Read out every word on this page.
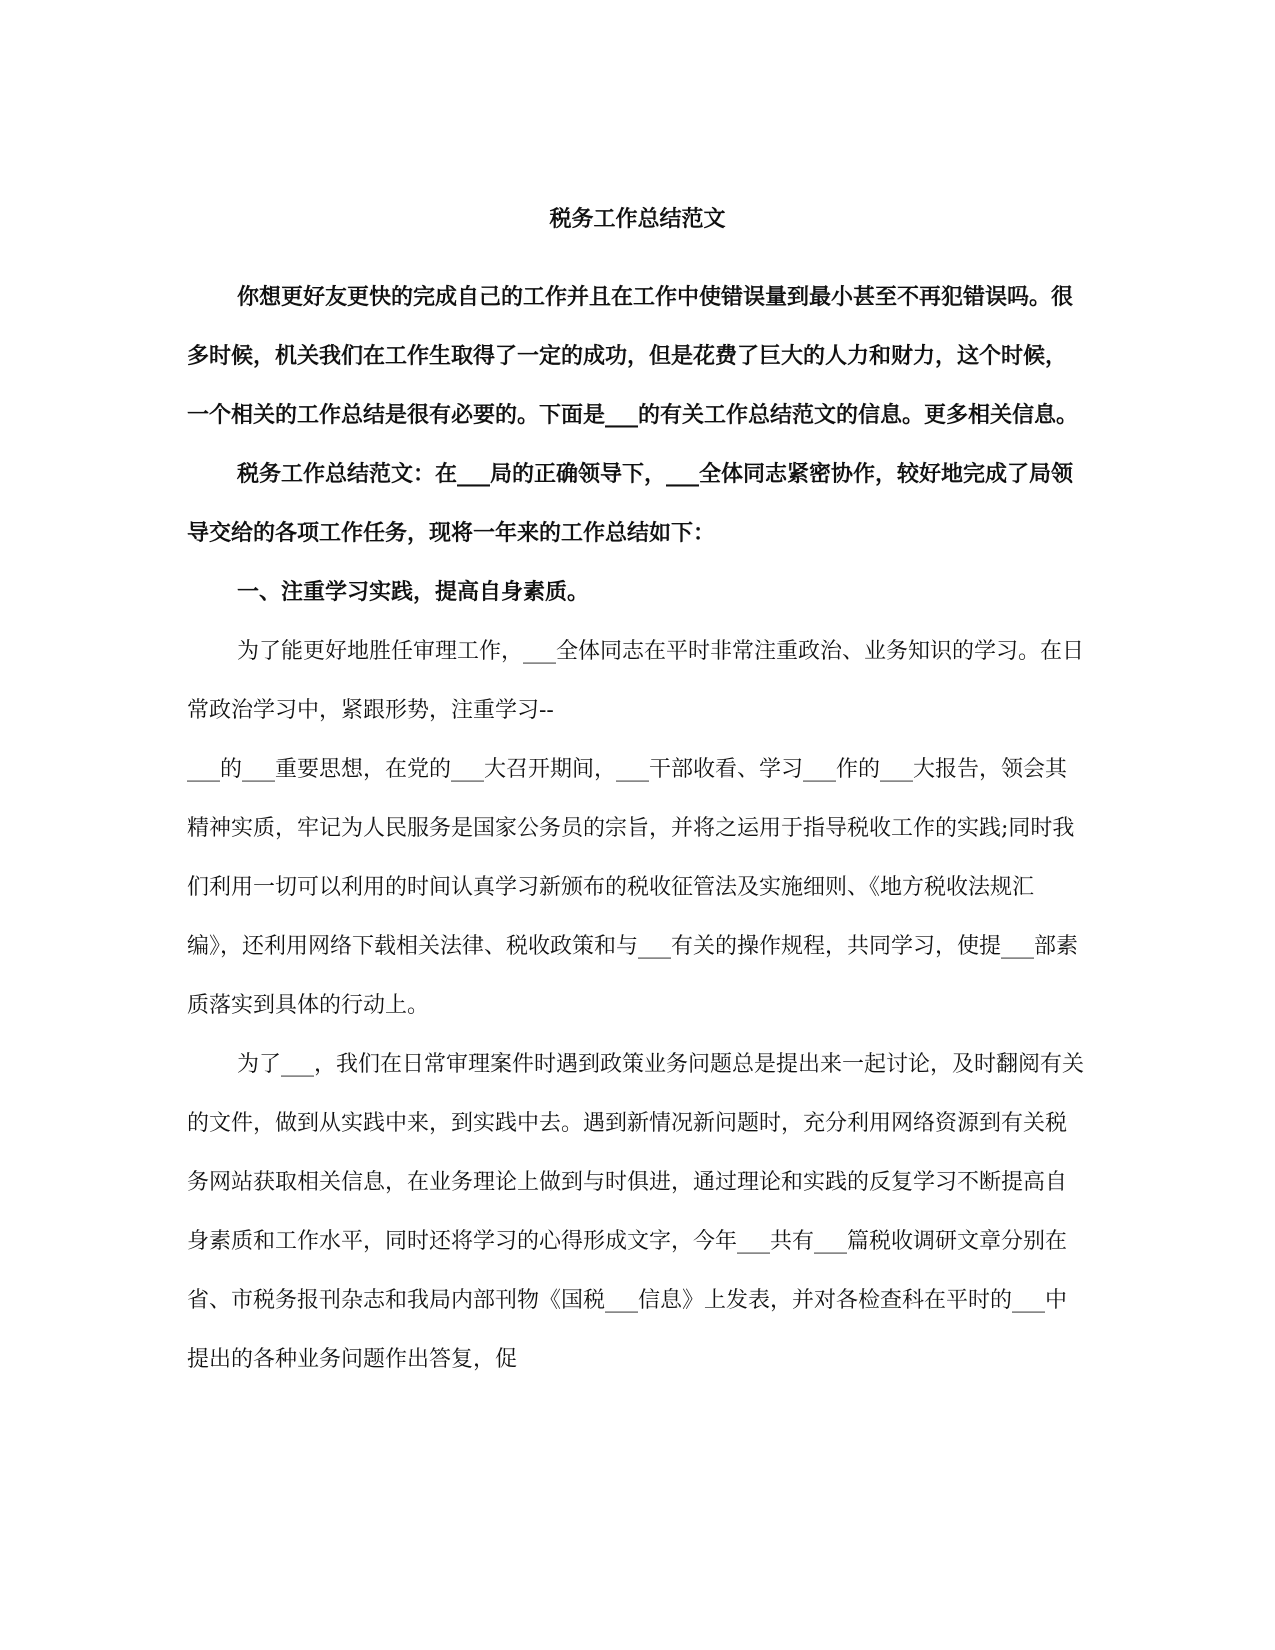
税务工作总结范文

你想更好友更快的完成自己的工作并且在工作中使错误量到最小甚至不再犯错误吗。很多时候，机关我们在工作生取得了一定的成功，但是花费了巨大的人力和财力，这个时候，一个相关的工作总结是很有必要的。下面是___的有关工作总结范文的信息。更多相关信息。

税务工作总结范文：在___局的正确领导下，___全体同志紧密协作，较好地完成了局领导交给的各项工作任务，现将一年来的工作总结如下：

一、注重学习实践，提高自身素质。

为了能更好地胜任审理工作，___全体同志在平时非常注重政治、业务知识的学习。在日常政治学习中，紧跟形势，注重学习--

___的___重要思想，在党的___大召开期间，___干部收看、学习___作的___大报告，领会其精神实质，牢记为人民服务是国家公务员的宗旨，并将之运用于指导税收工作的实践;同时我们利用一切可以利用的时间认真学习新颁布的税收征管法及实施细则、《地方税收法规汇编》，还利用网络下载相关法律、税收政策和与___有关的操作规程，共同学习，使提___部素质落实到具体的行动上。

为了___，我们在日常审理案件时遇到政策业务问题总是提出来一起讨论，及时翻阅有关的文件，做到从实践中来，到实践中去。遇到新情况新问题时，充分利用网络资源到有关税务网站获取相关信息，在业务理论上做到与时俱进，通过理论和实践的反复学习不断提高自身素质和工作水平，同时还将学习的心得形成文字，今年___共有___篇税收调研文章分别在省、市税务报刊杂志和我局内部刊物《国税___信息》上发表，并对各检查科在平时的___中提出的各种业务问题作出答复，促
